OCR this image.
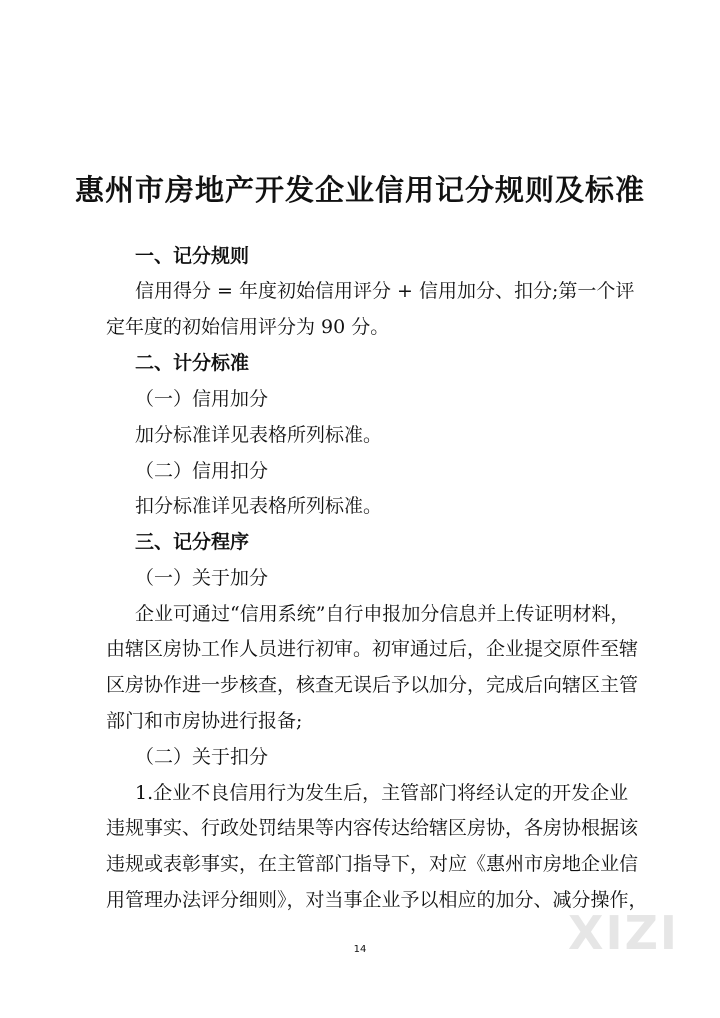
惠州市房地产开发企业信用记分规则及标准
一、记分规则
信用得分 = 年度初始信用评分 + 信用加分、扣分;第一个评
定年度的初始信用评分为 90 分。
二、计分标准
（一）信用加分
加分标准详见表格所列标准。
（二）信用扣分
扣分标准详见表格所列标准。
三、记分程序
（一）关于加分
企业可通过“信用系统”自行申报加分信息并上传证明材料，
由辖区房协工作人员进行初审。初审通过后，企业提交原件至辖
区房协作进一步核查，核查无误后予以加分，完成后向辖区主管
部门和市房协进行报备;
（二）关于扣分
1.企业不良信用行为发生后，主管部门将经认定的开发企业
违规事实、行政处罚结果等内容传达给辖区房协，各房协根据该
违规或表彰事实，在主管部门指导下，对应《惠州市房地企业信
用管理办法评分细则》，对当事企业予以相应的加分、减分操作，
XIZI
14
